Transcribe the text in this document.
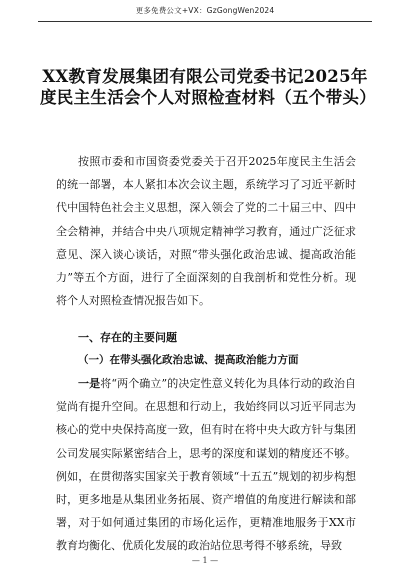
更多免费公文+VX：GzGongWen2024
XX教育发展集团有限公司党委书记2025年度民主生活会个人对照检查材料（五个带头）

按照市委和市国资委党委关于召开2025年度民主生活会的统一部署，本人紧扣本次会议主题，系统学习了习近平新时代中国特色社会主义思想，深入领会了党的二十届三中、四中全会精神，并结合中央八项规定精神学习教育，通过广泛征求意见、深入谈心谈话，对照“带头强化政治忠诚、提高政治能力”等五个方面，进行了全面深刻的自我剖析和党性分析。现将个人对照检查情况报告如下。

一、存在的主要问题
（一）在带头强化政治忠诚、提高政治能力方面

一是将“两个确立”的决定性意义转化为具体行动的政治自觉尚有提升空间。在思想和行动上，我始终同以习近平同志为核心的党中央保持高度一致，但有时在将中央大政方针与集团公司发展实际紧密结合上，思考的深度和谋划的精度还不够。例如，在贯彻落实国家关于教育领域“十五五”规划的初步构想时，更多地是从集团业务拓展、资产增值的角度进行解读和部署，对于如何通过集团的市场化运作，更精准地服务于XX市教育均衡化、优质化发展的政治站位思考得不够系统，导致

— 1 —
